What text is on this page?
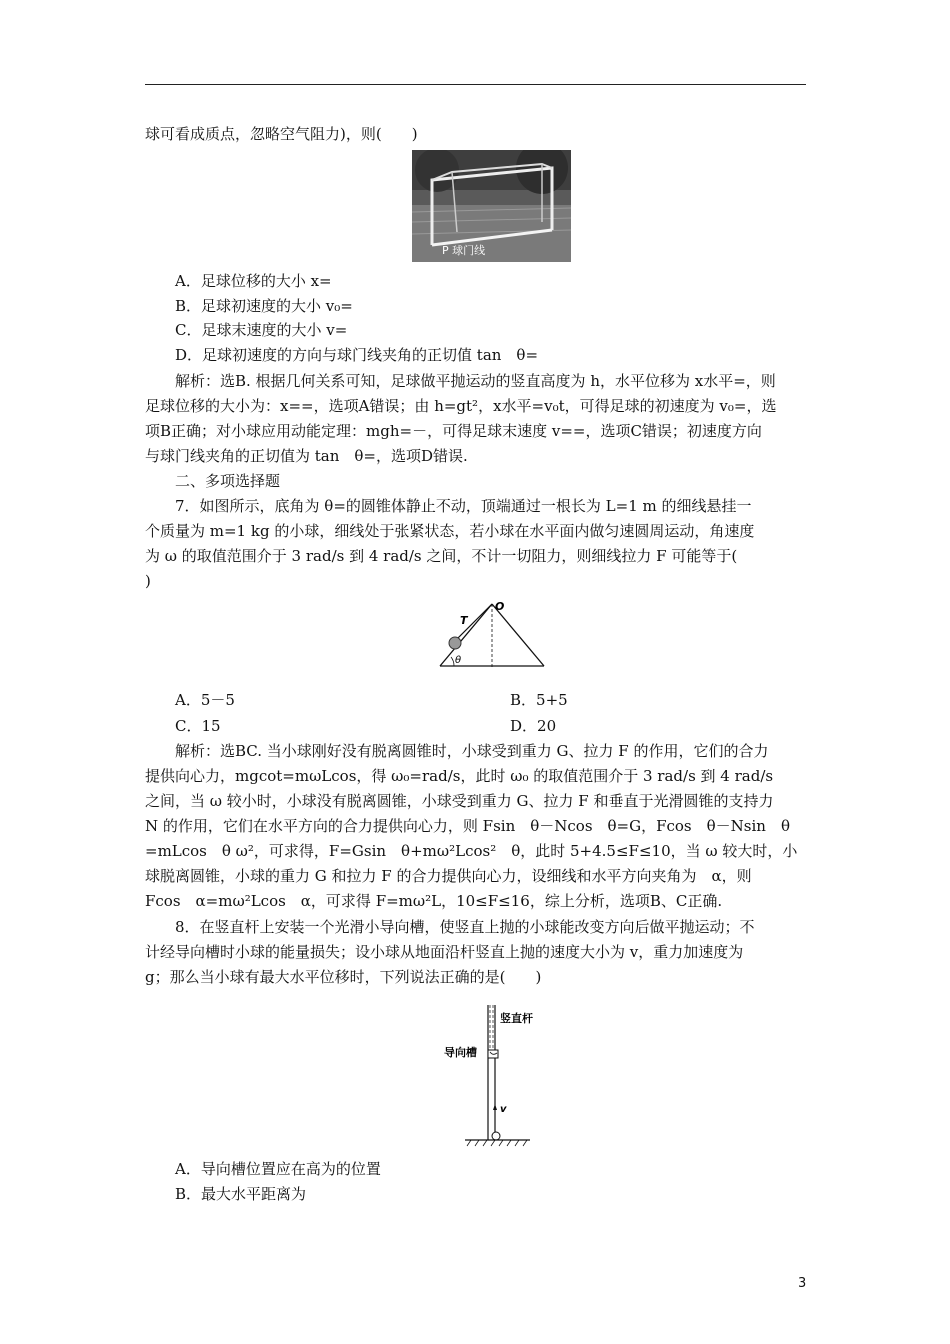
球可看成质点，忽略空气阻力)，则(　　)
P 球门线
A．足球位移的大小 x=
B．足球初速度的大小 v₀=
C．足球末速度的大小 v=
D．足球初速度的方向与球门线夹角的正切值 tan　θ=
解析：选B. 根据几何关系可知，足球做平抛运动的竖直高度为 h，水平位移为 x水平=，则
足球位移的大小为：x==，选项A错误；由 h=gt²，x水平=v₀t，可得足球的初速度为 v₀=，选
项B正确；对小球应用动能定理：mgh=－，可得足球末速度 v==，选项C错误；初速度方向
与球门线夹角的正切值为 tan　θ=，选项D错误.
二、多项选择题
7．如图所示，底角为 θ=的圆锥体静止不动，顶端通过一根长为 L=1 m 的细线悬挂一
个质量为 m=1 kg 的小球，细线处于张紧状态，若小球在水平面内做匀速圆周运动，角速度
为 ω 的取值范围介于 3 rad/s 到 4 rad/s 之间，不计一切阻力，则细线拉力 F 可能等于(
)
T
O
θ
A．5－5	B．5+5
C．15	D．20
解析：选BC. 当小球刚好没有脱离圆锥时，小球受到重力 G、拉力 F 的作用，它们的合力
提供向心力，mgcot=mωLcos，得 ω₀=rad/s，此时 ω₀ 的取值范围介于 3 rad/s 到 4 rad/s
之间，当 ω 较小时，小球没有脱离圆锥，小球受到重力 G、拉力 F 和垂直于光滑圆锥的支持力
N 的作用，它们在水平方向的合力提供向心力，则 Fsin　θ－Ncos　θ=G，Fcos　θ－Nsin　θ
=mLcos　θ ω²，可求得，F=Gsin　θ+mω²Lcos²　θ，此时 5+4.5≤F≤10，当 ω 较大时，小
球脱离圆锥，小球的重力 G 和拉力 F 的合力提供向心力，设细线和水平方向夹角为　α，则
Fcos　α=mω²Lcos　α，可求得 F=mω²L，10≤F≤16，综上分析，选项B、C正确.
8．在竖直杆上安装一个光滑小导向槽，使竖直上抛的小球能改变方向后做平抛运动；不
计经导向槽时小球的能量损失；设小球从地面沿杆竖直上抛的速度大小为 v，重力加速度为
g；那么当小球有最大水平位移时，下列说法正确的是(　　)
竖直杆
导向槽
v
A．导向槽位置应在高为的位置
B．最大水平距离为
3
